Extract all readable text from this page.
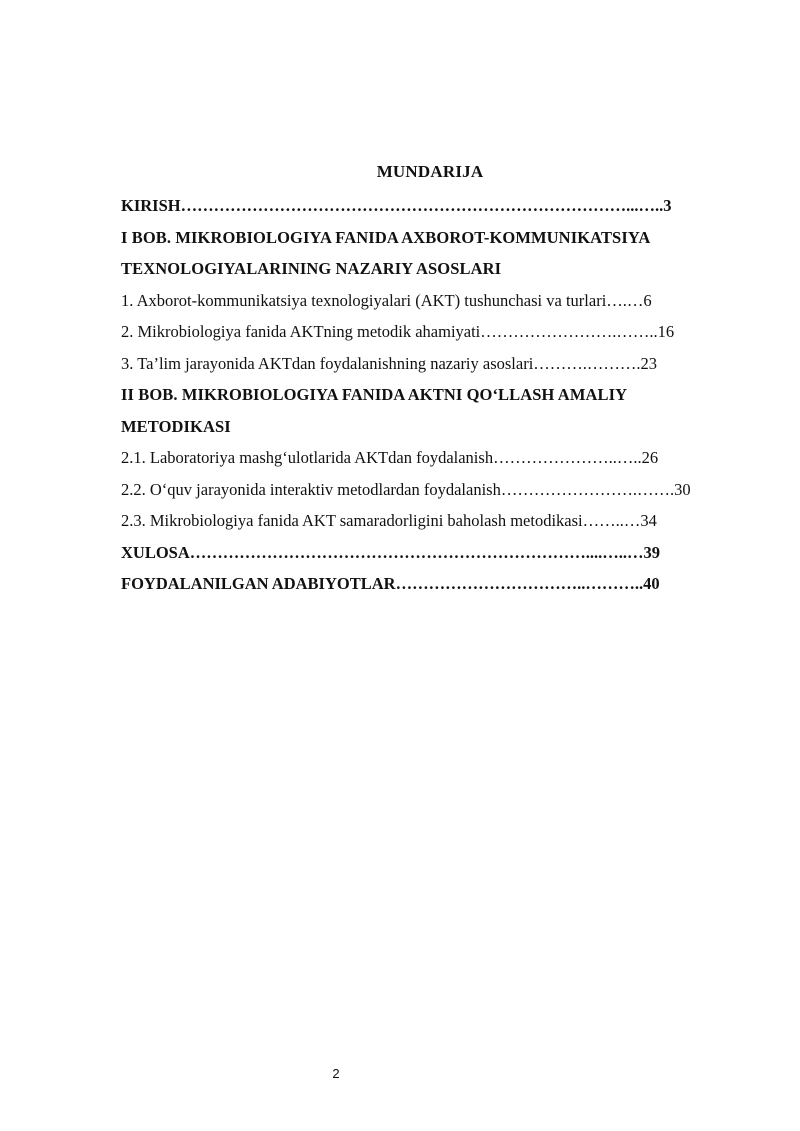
MUNDARIJA
KIRISH………………………………………………………………………...…..3
I BOB. MIKROBIOLOGIYA FANIDA AXBOROT-KOMMUNIKATSIYA
TEXNOLOGIYALARINING NAZARIY ASOSLARI
1. Axborot-kommunikatsiya texnologiyalari (AKT) tushunchasi va turlari….…6
2. Mikrobiologiya fanida AKTning metodik ahamiyati…………………….……..16
3. Ta’lim jarayonida AKTdan foydalanishning nazariy asoslari……….……….23
II BOB. MIKROBIOLOGIYA FANIDA AKTNI QO‘LLASH AMALIY
METODIKASI
2.1. Laboratoriya mashg‘ulotlarida AKTdan foydalanish…………………..…..26
2.2. O‘quv jarayonida interaktiv metodlardan foydalanish…………………….…….30
2.3. Mikrobiologiya fanida AKT samaradorligini baholash metodikasi……..…34
XULOSA………………………………………………………………....…..…39
FOYDALANILGAN ADABIYOTLAR……………………………..………..40
2
